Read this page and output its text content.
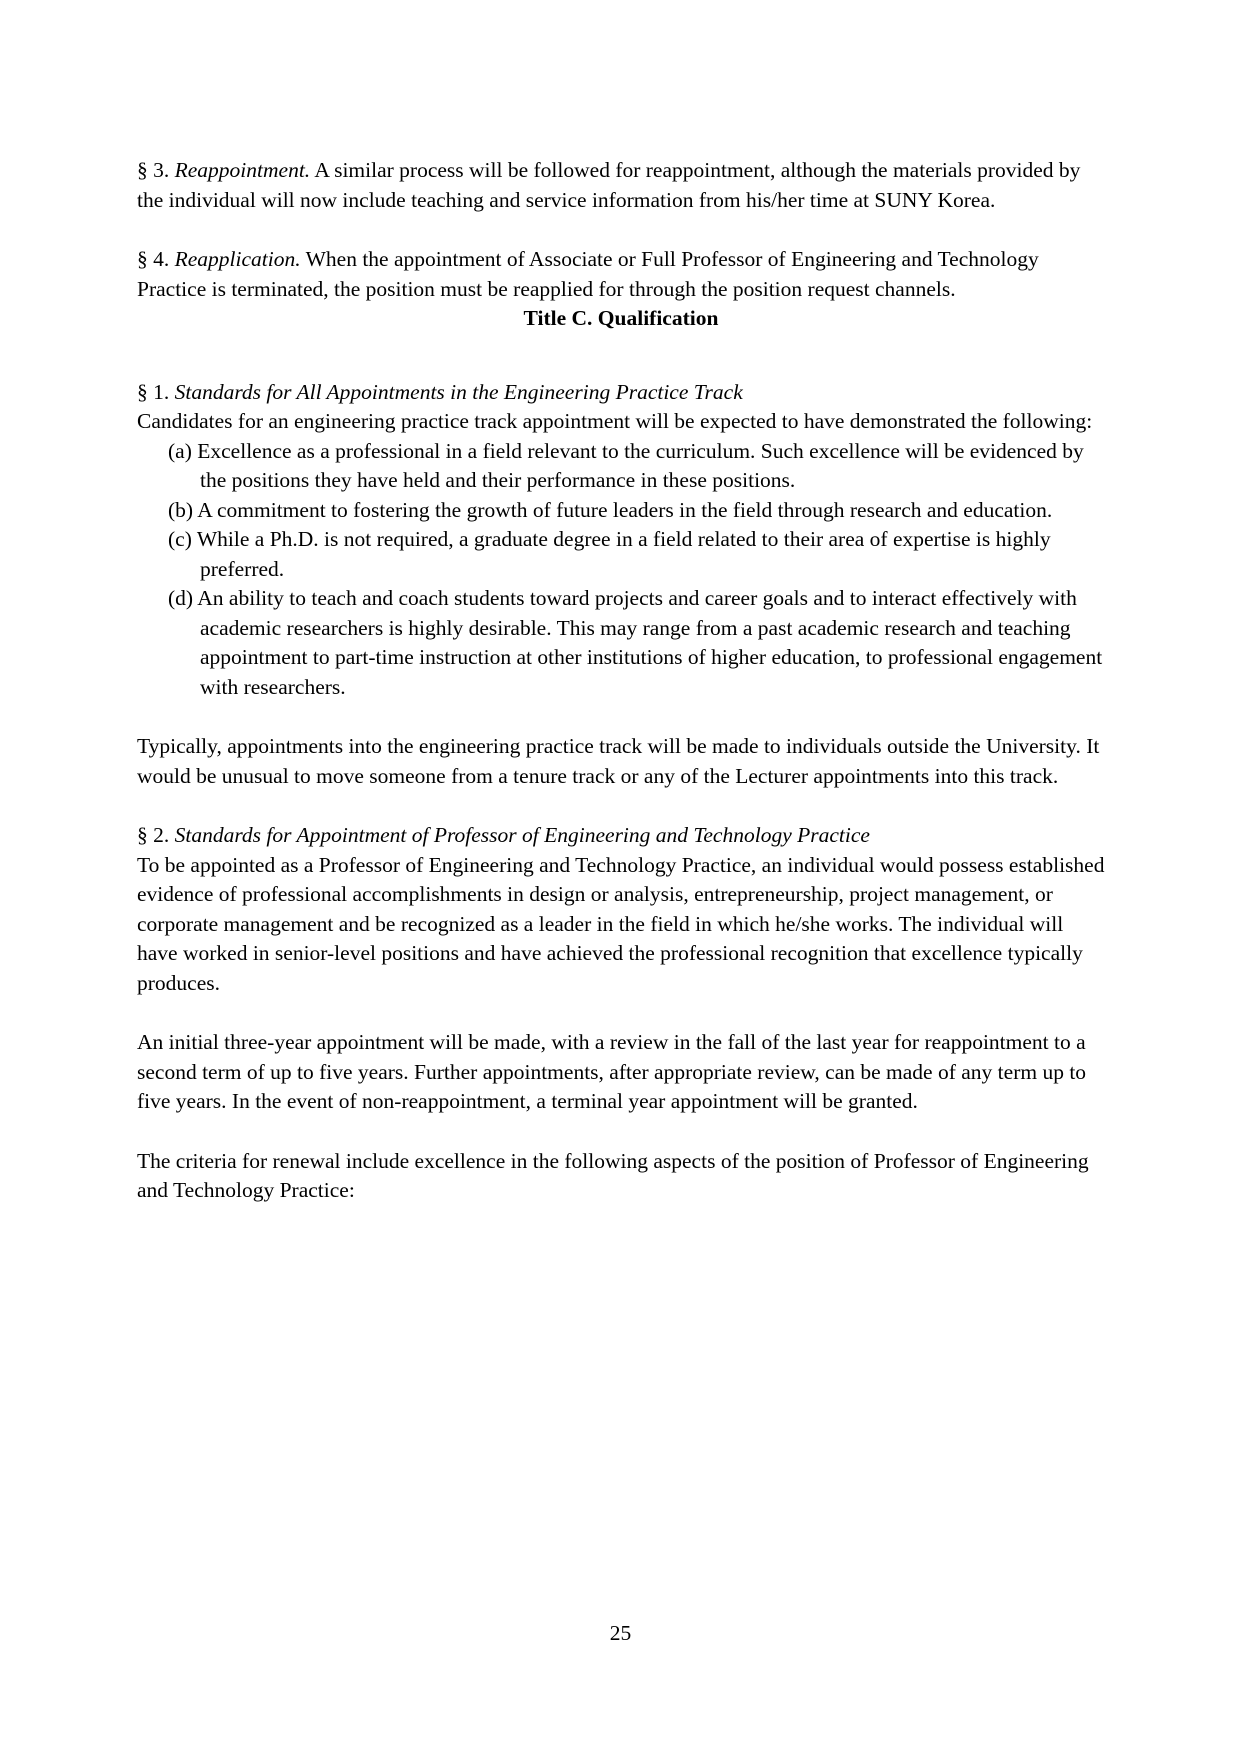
§ 3. Reappointment. A similar process will be followed for reappointment, although the materials provided by the individual will now include teaching and service information from his/her time at SUNY Korea.

§ 4. Reapplication. When the appointment of Associate or Full Professor of Engineering and Technology Practice is terminated, the position must be reapplied for through the position request channels.

Title C. Qualification

§ 1. Standards for All Appointments in the Engineering Practice Track

Candidates for an engineering practice track appointment will be expected to have demonstrated the following:

(a) Excellence as a professional in a field relevant to the curriculum. Such excellence will be evidenced by the positions they have held and their performance in these positions.
(b) A commitment to fostering the growth of future leaders in the field through research and education.
(c) While a Ph.D. is not required, a graduate degree in a field related to their area of expertise is highly preferred.
(d) An ability to teach and coach students toward projects and career goals and to interact effectively with academic researchers is highly desirable. This may range from a past academic research and teaching appointment to part-time instruction at other institutions of higher education, to professional engagement with researchers.

Typically, appointments into the engineering practice track will be made to individuals outside the University. It would be unusual to move someone from a tenure track or any of the Lecturer appointments into this track.

§ 2. Standards for Appointment of Professor of Engineering and Technology Practice

To be appointed as a Professor of Engineering and Technology Practice, an individual would possess established evidence of professional accomplishments in design or analysis, entrepreneurship, project management, or corporate management and be recognized as a leader in the field in which he/she works. The individual will have worked in senior-level positions and have achieved the professional recognition that excellence typically produces.

An initial three-year appointment will be made, with a review in the fall of the last year for reappointment to a second term of up to five years. Further appointments, after appropriate review, can be made of any term up to five years. In the event of non-reappointment, a terminal year appointment will be granted.

The criteria for renewal include excellence in the following aspects of the position of Professor of Engineering and Technology Practice:

25
